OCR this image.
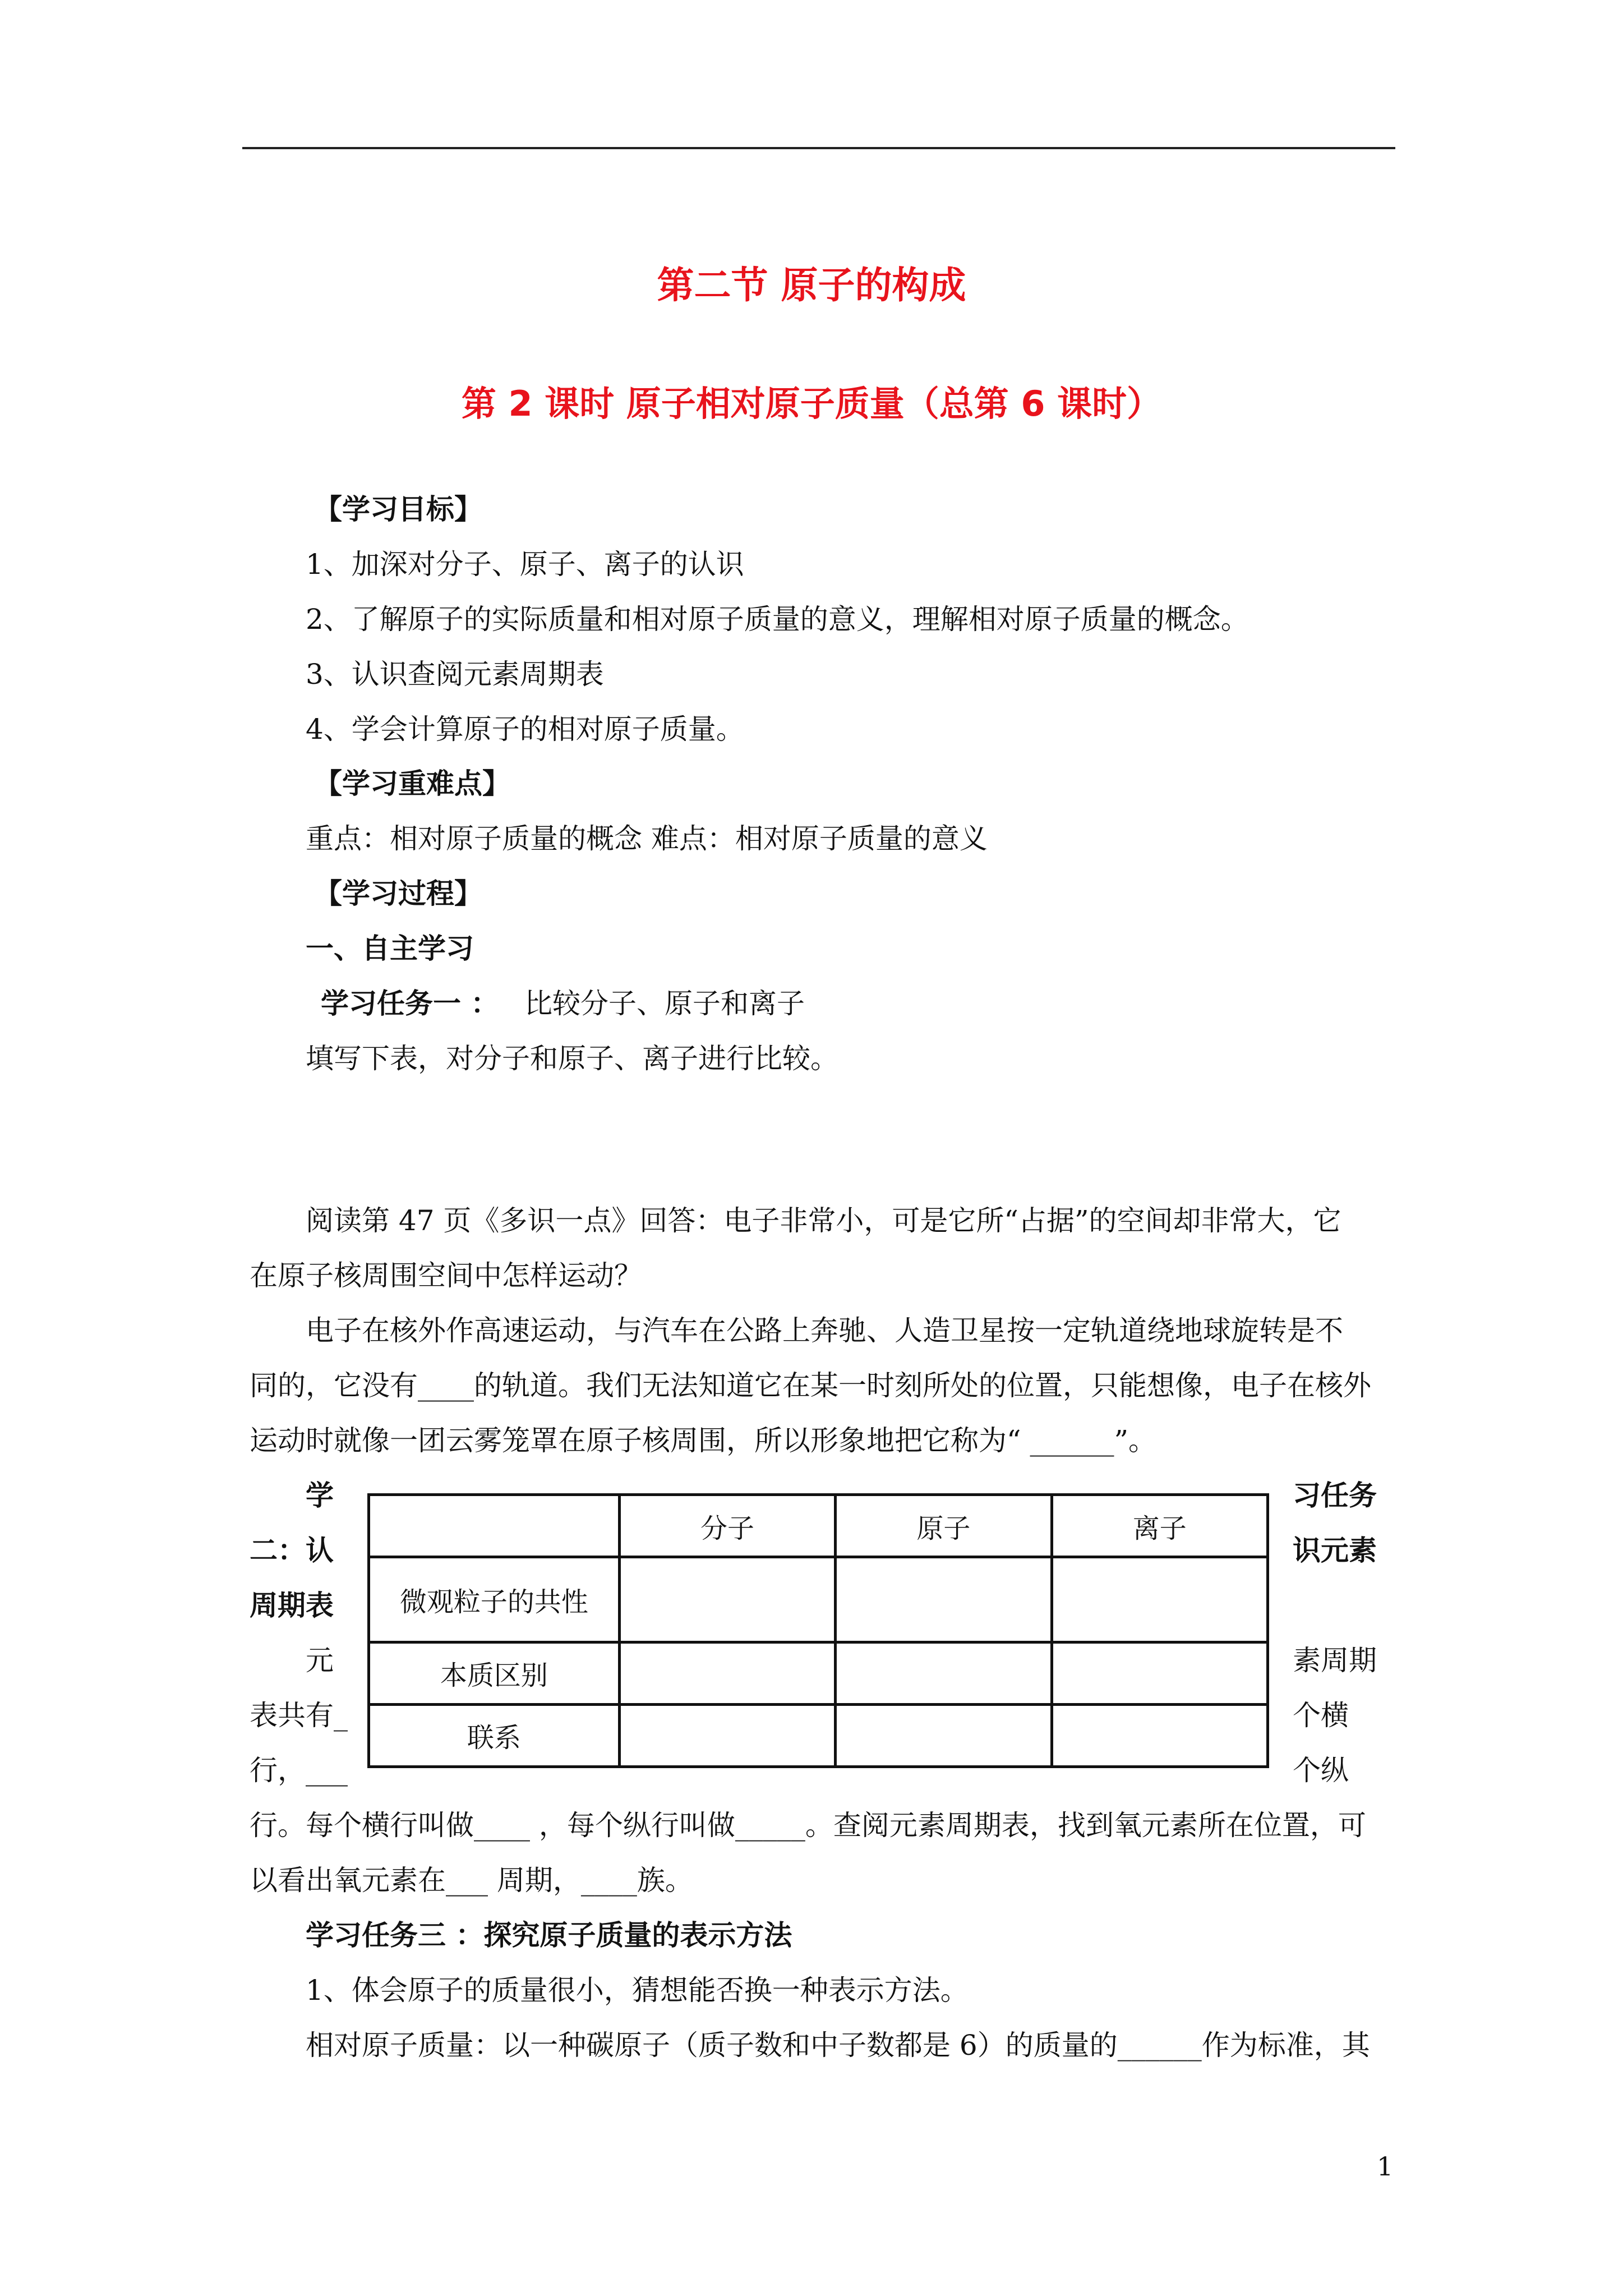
第二节 原子的构成
第 2 课时 原子相对原子质量（总第 6 课时）
【学习目标】
1、加深对分子、原子、离子的认识
2、了解原子的实际质量和相对原子质量的意义，理解相对原子质量的概念。
3、认识查阅元素周期表
4、学会计算原子的相对原子质量。
【学习重难点】
重点：相对原子质量的概念 难点：相对原子质量的意义
【学习过程】
一、自主学习
学习任务一 ： 比较分子、原子和离子
填写下表，对分子和原子、离子进行比较。
阅读第 47 页《多识一点》回答：电子非常小，可是它所“占据”的空间却非常大，它
在原子核周围空间中怎样运动？
电子在核外作高速运动，与汽车在公路上奔驰、人造卫星按一定轨道绕地球旋转是不
同的，它没有____的轨道。我们无法知道它在某一时刻所处的位置，只能想像，电子在核外
运动时就像一团云雾笼罩在原子核周围，所以形象地把它称为“ ______”。
学
二：认
周期表
元
表共有_
行，___
习任务
识元素
素周期
个横
个纵
	分子	原子	离子
微观粒子的共性			
本质区别			
联系			
行。每个横行叫做____ ，每个纵行叫做_____。查阅元素周期表，找到氧元素所在位置，可
以看出氧元素在___ 周期，____族。
学习任务三 ：探究原子质量的表示方法
1、体会原子的质量很小，猜想能否换一种表示方法。
相对原子质量：以一种碳原子（质子数和中子数都是 6）的质量的______作为标准，其
1
